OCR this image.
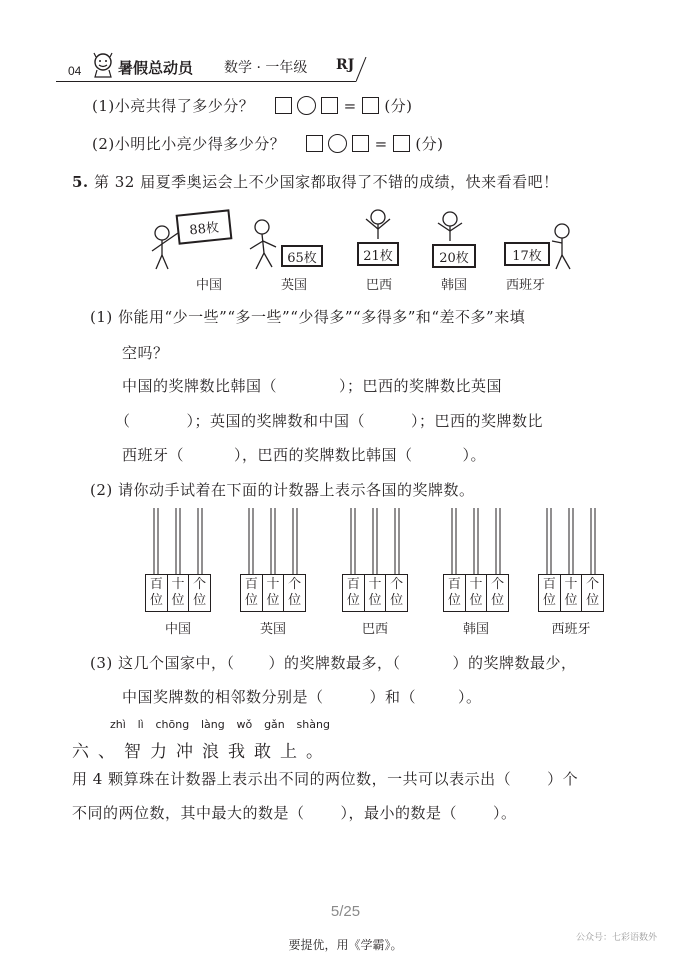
04 暑假总动员 数学 · 一年级 RJ
(1)小亮共得了多少分？	= (分)
(2)小明比小亮少得多少分？	= (分)
5. 第 32 届夏季奥运会上不少国家都取得了不错的成绩，快来看看吧！
88枚
65枚	21枚	20枚	17枚
中国	英国	巴西	韩国	西班牙
(1) 你能用“少一些”“多一些”“少得多”“多得多”和“差不多”来填
空吗？
中国的奖牌数比韩国（	）；巴西的奖牌数比英国
（	）；英国的奖牌数和中国（	）；巴西的奖牌数比
西班牙（	），巴西的奖牌数比韩国（	）。
(2) 请你动手试着在下面的计数器上表示各国的奖牌数。
百
位
十
位
个
位
中国
百
位
十
位
个
位
英国
百
位
十
位
个
位
巴西
百
位
十
位
个
位
韩国
百
位
十
位
个
位
西班牙
(3) 这几个国家中，（ ）的奖牌数最多，（	）的奖牌数最少，
中国奖牌数的相邻数分别是（	）和（	）。
zhì lì chōng làng wǒ gǎn shàng
六、智力冲浪我敢上。
用 4 颗算珠在计数器上表示出不同的两位数，一共可以表示出（ ）个
不同的两位数，其中最大的数是（ ），最小的数是（ ）。
5/25
要提优，用《学霸》。	公众号：七彩语数外
